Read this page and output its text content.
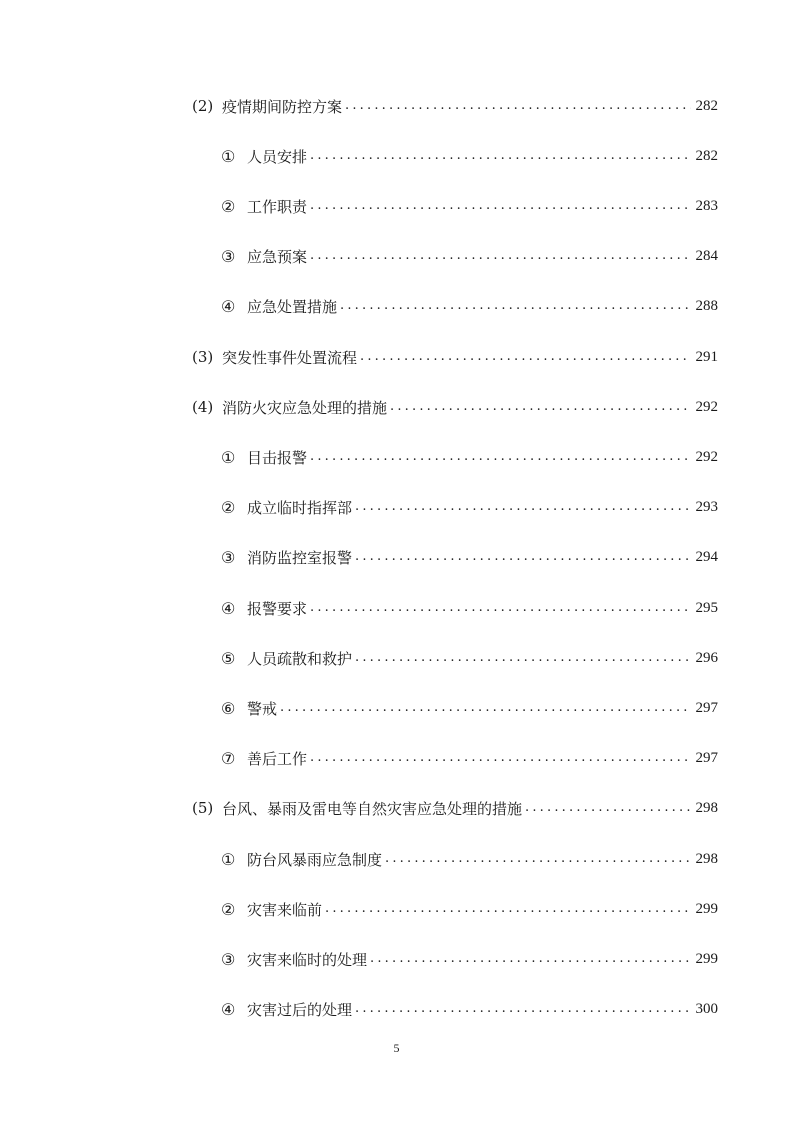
(2) 疫情期间防控方案 .....	282
① 人员安排 .....	282
② 工作职责 .....	283
③ 应急预案 .....	284
④ 应急处置措施 .....	288
(3) 突发性事件处置流程 .....	291
(4) 消防火灾应急处理的措施 .....	292
① 目击报警 .....	292
② 成立临时指挥部 .....	293
③ 消防监控室报警 .....	294
④ 报警要求 .....	295
⑤ 人员疏散和救护 .....	296
⑥ 警戒 .....	297
⑦ 善后工作 .....	297
(5) 台风、暴雨及雷电等自然灾害应急处理的措施 .....	298
① 防台风暴雨应急制度 .....	298
② 灾害来临前 .....	299
③ 灾害来临时的处理 .....	299
④ 灾害过后的处理 .....	300
5
